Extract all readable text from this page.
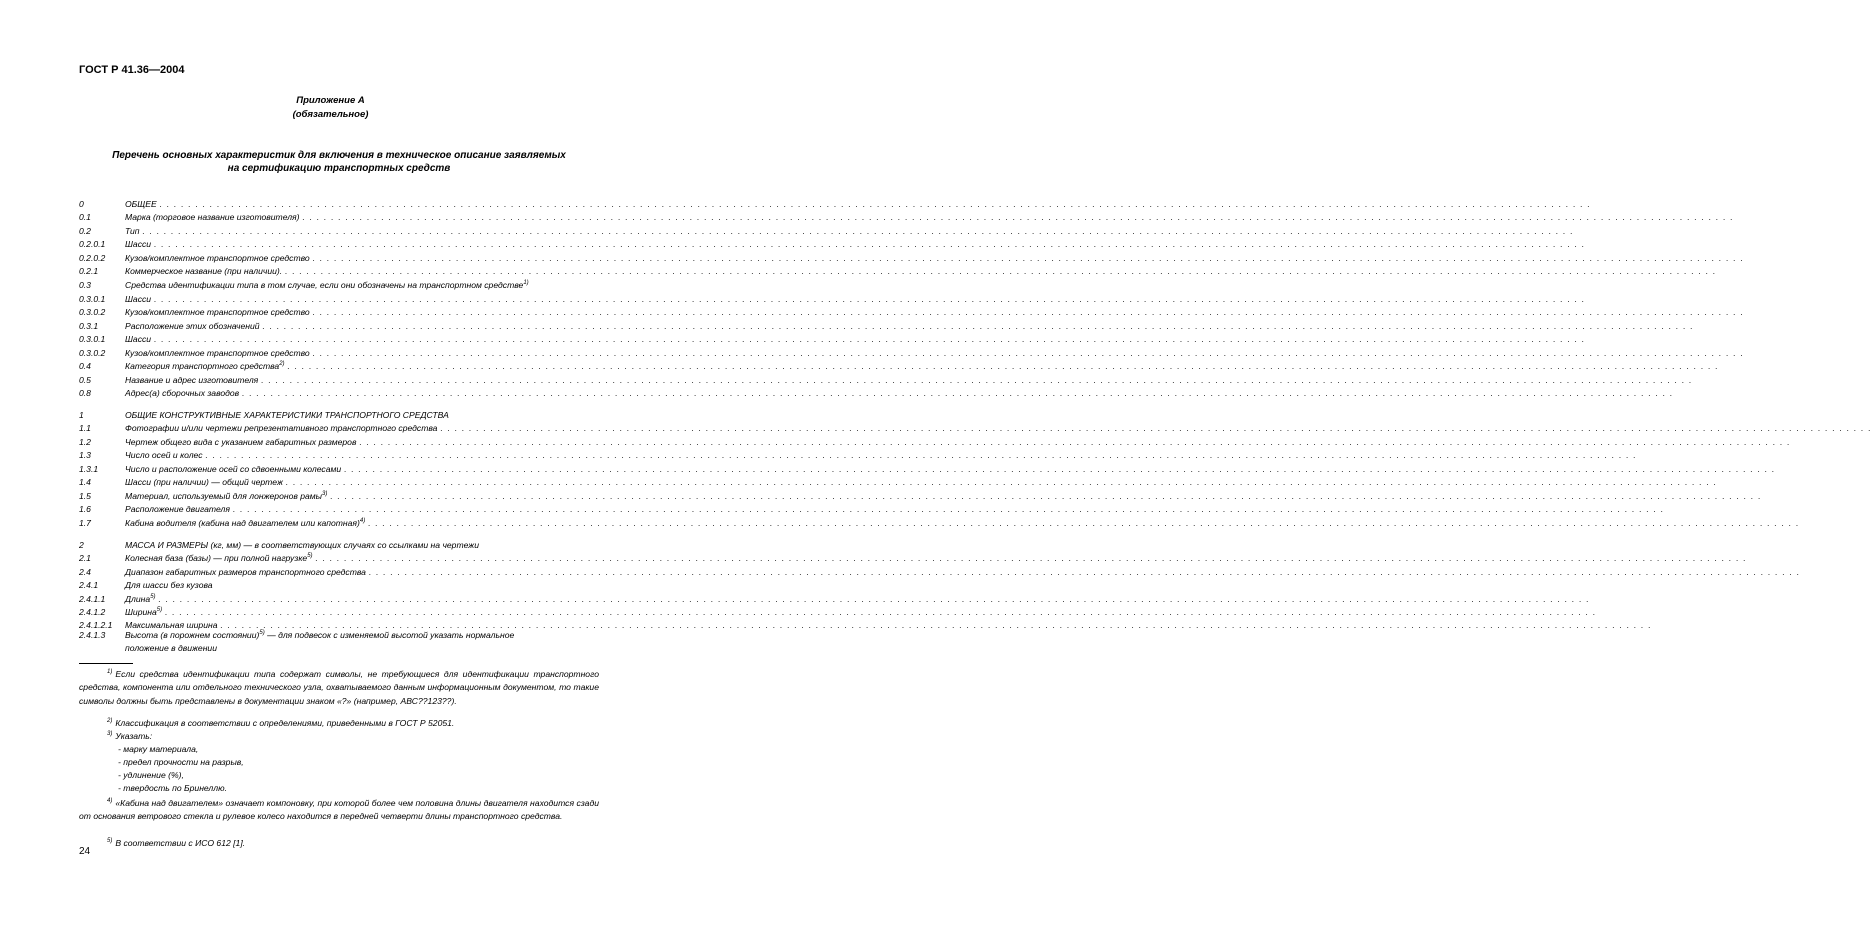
ГОСТ Р 41.36—2004
Приложение А
(обязательное)
Перечень основных характеристик для включения в техническое описание заявляемых
на сертификацию транспортных средств
0	ОБЩЕЕ . . . . . . . . . . . . . . . . . . . . . . . . . . . . . . . . . . . . . . . . . . . . . . . . . . . . . . . . . . . . . . . . . . . . . . . . . . . . . . . . . . . . . . . . . . . . . . . . . . . . . . . . . . . . . . . . . . . . . . . . . . . . . . . . . . . . . . . . . . . . . . . . . . . . . . . . . . . . . . . . . . . . . . . . . . . . . . . . . . . . . . . . . . . . . . . . . . . . . . . .
0.1	Марка (торговое название изготовителя) . . . . . . . . . . . . . . . . . . . . . . . . . . . . . . . . . . . . . . . . . . . . . . . . . . . . . . . . . . . . . . . . . . . . . . . . . . . . . . . . . . . . . . . . . . . . . . . . . . . . . . . . . . . . . . . . . . . . . . . . . . . . . . . . . . . . . . . . . . . . . . . . . . . . . . . . . . . . . . . . . . . . . . . . . . . . . . . . . . . . . . . . . . . . . . . . . . . . . . . .
0.2	Тип . . . . . . . . . . . . . . . . . . . . . . . . . . . . . . . . . . . . . . . . . . . . . . . . . . . . . . . . . . . . . . . . . . . . . . . . . . . . . . . . . . . . . . . . . . . . . . . . . . . . . . . . . . . . . . . . . . . . . . . . . . . . . . . . . . . . . . . . . . . . . . . . . . . . . . . . . . . . . . . . . . . . . . . . . . . . . . . . . . . . . . . . . . . . . . . . . . . . . . . .
0.2.0.1 Шасси . . . . . . . . . . . . . . . . . . . . . . . . . . . . . . . . . . . . . . . . . . . . . . . . . . . . . . . . . . . . . . . . . . . . . . . . . . . . . . . . . . . . . . . . . . . . . . . . . . . . . . . . . . . . . . . . . . . . . . . . . . . . . . . . . . . . . . . . . . . . . . . . . . . . . . . . . . . . . . . . . . . . . . . . . . . . . . . . . . . . . . . . . . . . . . . . . . . . . . . .
0.2.0.2 Кузов/комплектное транспортное средство . . . . . . . . . . . . . . . . . . . . . . . . . . . . . . . . . . . . . . . . . . . . . . . . . . . . . . . . . . . . . . . . . . . . . . . . . . . . . . . . . . . . . . . . . . . . . . . . . . . . . . . . . . . . . . . . . . . . . . . . . . . . . . . . . . . . . . . . . . . . . . . . . . . . . . . . . . . . . . . . . . . . . . . . . . . . . . . . . . . . . . . . . . . . . . . . . . . . . . . .
0.2.1	Коммерческое название (при наличии). . . . . . . . . . . . . . . . . . . . . . . . . . . . . . . . . . . . . . . . . . . . . . . . . . . . . . . . . . . . . . . . . . . . . . . . . . . . . . . . . . . . . . . . . . . . . . . . . . . . . . . . . . . . . . . . . . . . . . . . . . . . . . . . . . . . . . . . . . . . . . . . . . . . . . . . . . . . . . . . . . . . . . . . . . . . . . . . . . . . . . . . . . . . . . . . . . . . . . . . .
0.3	Средства идентификации типа в том случае, если они обозначены на транспортном средстве$^{1)}$
0.3.0.1 Шасси . . . . . . . . . . . . . . . . . . . . . . . . . . . . . . . . . . . . . . . . . . . . . . . . . . . . . . . . . . . . . . . . . . . . . . . . . . . . . . . . . . . . . . . . . . . . . . . . . . . . . . . . . . . . . . . . . . . . . . . . . . . . . . . . . . . . . . . . . . . . . . . . . . . . . . . . . . . . . . . . . . . . . . . . . . . . . . . . . . . . . . . . . . . . . . . . . . . . . . . .
0.3.0.2 Кузов/комплектное транспортное средство . . . . . . . . . . . . . . . . . . . . . . . . . . . . . . . . . . . . . . . . . . . . . . . . . . . . . . . . . . . . . . . . . . . . . . . . . . . . . . . . . . . . . . . . . . . . . . . . . . . . . . . . . . . . . . . . . . . . . . . . . . . . . . . . . . . . . . . . . . . . . . . . . . . . . . . . . . . . . . . . . . . . . . . . . . . . . . . . . . . . . . . . . . . . . . . . . . . . . . . .
0.3.1	Расположение этих обозначений . . . . . . . . . . . . . . . . . . . . . . . . . . . . . . . . . . . . . . . . . . . . . . . . . . . . . . . . . . . . . . . . . . . . . . . . . . . . . . . . . . . . . . . . . . . . . . . . . . . . . . . . . . . . . . . . . . . . . . . . . . . . . . . . . . . . . . . . . . . . . . . . . . . . . . . . . . . . . . . . . . . . . . . . . . . . . . . . . . . . . . . . . . . . . . . . . . . . . . . .
0.3.0.1 Шасси . . . . . . . . . . . . . . . . . . . . . . . . . . . . . . . . . . . . . . . . . . . . . . . . . . . . . . . . . . . . . . . . . . . . . . . . . . . . . . . . . . . . . . . . . . . . . . . . . . . . . . . . . . . . . . . . . . . . . . . . . . . . . . . . . . . . . . . . . . . . . . . . . . . . . . . . . . . . . . . . . . . . . . . . . . . . . . . . . . . . . . . . . . . . . . . . . . . . . . . .
0.3.0.2 Кузов/комплектное транспортное средство . . . . . . . . . . . . . . . . . . . . . . . . . . . . . . . . . . . . . . . . . . . . . . . . . . . . . . . . . . . . . . . . . . . . . . . . . . . . . . . . . . . . . . . . . . . . . . . . . . . . . . . . . . . . . . . . . . . . . . . . . . . . . . . . . . . . . . . . . . . . . . . . . . . . . . . . . . . . . . . . . . . . . . . . . . . . . . . . . . . . . . . . . . . . . . . . . . . . . . . .
0.4	Категория транспортного средства$^{2)}$ . . . . . . . . . . . . . . . . . . . . . . . . . . . . . . . . . . . . . . . . . . . . . . . . . . . . . . . . . . . . . . . . . . . . . . . . . . . . . . . . . . . . . . . . . . . . . . . . . . . . . . . . . . . . . . . . . . . . . . . . . . . . . . . . . . . . . . . . . . . . . . . . . . . . . . . . . . . . . . . . . . . . . . . . . . . . . . . . . . . . . . . . . . . . . . . . . . . . . . . .
0.5	Название и адрес изготовителя . . . . . . . . . . . . . . . . . . . . . . . . . . . . . . . . . . . . . . . . . . . . . . . . . . . . . . . . . . . . . . . . . . . . . . . . . . . . . . . . . . . . . . . . . . . . . . . . . . . . . . . . . . . . . . . . . . . . . . . . . . . . . . . . . . . . . . . . . . . . . . . . . . . . . . . . . . . . . . . . . . . . . . . . . . . . . . . . . . . . . . . . . . . . . . . . . . . . . . . .
0.8	Адрес(а) сборочных заводов . . . . . . . . . . . . . . . . . . . . . . . . . . . . . . . . . . . . . . . . . . . . . . . . . . . . . . . . . . . . . . . . . . . . . . . . . . . . . . . . . . . . . . . . . . . . . . . . . . . . . . . . . . . . . . . . . . . . . . . . . . . . . . . . . . . . . . . . . . . . . . . . . . . . . . . . . . . . . . . . . . . . . . . . . . . . . . . . . . . . . . . . . . . . . . . . . . . . . . . .
1	ОБЩИЕ КОНСТРУКТИВНЫЕ ХАРАКТЕРИСТИКИ ТРАНСПОРТНОГО СРЕДСТВА
1.1	Фотографии и/или чертежи репрезентативного транспортного средства . . . . . . . . . . . . . . . . . . . . . . . . . . . . . . . . . . . . . . . . . . . . . . . . . . . . . . . . . . . . . . . . . . . . . . . . . . . . . . . . . . . . . . . . . . . . . . . . . . . . . . . . . . . . . . . . . . . . . . . . . . . . . . . . . . . . . . . . . . . . . . . . . . . . . . . . . . . . . . . . . . . . . . . . . . . . . . . . . . . . . . . . . . . . . . . . . . . . . . . .
1.2	Чертеж общего вида с указанием габаритных размеров . . . . . . . . . . . . . . . . . . . . . . . . . . . . . . . . . . . . . . . . . . . . . . . . . . . . . . . . . . . . . . . . . . . . . . . . . . . . . . . . . . . . . . . . . . . . . . . . . . . . . . . . . . . . . . . . . . . . . . . . . . . . . . . . . . . . . . . . . . . . . . . . . . . . . . . . . . . . . . . . . . . . . . . . . . . . . . . . . . . . . . . . . . . . . . . . . . . . . . . .
1.3	Число осей и колес . . . . . . . . . . . . . . . . . . . . . . . . . . . . . . . . . . . . . . . . . . . . . . . . . . . . . . . . . . . . . . . . . . . . . . . . . . . . . . . . . . . . . . . . . . . . . . . . . . . . . . . . . . . . . . . . . . . . . . . . . . . . . . . . . . . . . . . . . . . . . . . . . . . . . . . . . . . . . . . . . . . . . . . . . . . . . . . . . . . . . . . . . . . . . . . . . . . . . . . .
1.3.1	Число и расположение осей со сдвоенными колесами . . . . . . . . . . . . . . . . . . . . . . . . . . . . . . . . . . . . . . . . . . . . . . . . . . . . . . . . . . . . . . . . . . . . . . . . . . . . . . . . . . . . . . . . . . . . . . . . . . . . . . . . . . . . . . . . . . . . . . . . . . . . . . . . . . . . . . . . . . . . . . . . . . . . . . . . . . . . . . . . . . . . . . . . . . . . . . . . . . . . . . . . . . . . . . . . . . . . . . . .
1.4	Шасси (при наличии) — общий чертеж . . . . . . . . . . . . . . . . . . . . . . . . . . . . . . . . . . . . . . . . . . . . . . . . . . . . . . . . . . . . . . . . . . . . . . . . . . . . . . . . . . . . . . . . . . . . . . . . . . . . . . . . . . . . . . . . . . . . . . . . . . . . . . . . . . . . . . . . . . . . . . . . . . . . . . . . . . . . . . . . . . . . . . . . . . . . . . . . . . . . . . . . . . . . . . . . . . . . . . . .
1.5	Материал, используемый для лонжеронов рамы$^{3)}$ . . . . . . . . . . . . . . . . . . . . . . . . . . . . . . . . . . . . . . . . . . . . . . . . . . . . . . . . . . . . . . . . . . . . . . . . . . . . . . . . . . . . . . . . . . . . . . . . . . . . . . . . . . . . . . . . . . . . . . . . . . . . . . . . . . . . . . . . . . . . . . . . . . . . . . . . . . . . . . . . . . . . . . . . . . . . . . . . . . . . . . . . . . . . . . . . . . . . . . . .
1.6	Расположение двигателя . . . . . . . . . . . . . . . . . . . . . . . . . . . . . . . . . . . . . . . . . . . . . . . . . . . . . . . . . . . . . . . . . . . . . . . . . . . . . . . . . . . . . . . . . . . . . . . . . . . . . . . . . . . . . . . . . . . . . . . . . . . . . . . . . . . . . . . . . . . . . . . . . . . . . . . . . . . . . . . . . . . . . . . . . . . . . . . . . . . . . . . . . . . . . . . . . . . . . . . .
1.7	Кабина водителя (кабина над двигателем или капотная)$^{4)}$ . . . . . . . . . . . . . . . . . . . . . . . . . . . . . . . . . . . . . . . . . . . . . . . . . . . . . . . . . . . . . . . . . . . . . . . . . . . . . . . . . . . . . . . . . . . . . . . . . . . . . . . . . . . . . . . . . . . . . . . . . . . . . . . . . . . . . . . . . . . . . . . . . . . . . . . . . . . . . . . . . . . . . . . . . . . . . . . . . . . . . . . . . . . . . . . . . . . . . . . .
2	МАССА И РАЗМЕРЫ (кг, мм) — в соответствующих случаях со ссылками на чертежи
2.1	Колесная база (базы) — при полной нагрузке$^{5)}$ . . . . . . . . . . . . . . . . . . . . . . . . . . . . . . . . . . . . . . . . . . . . . . . . . . . . . . . . . . . . . . . . . . . . . . . . . . . . . . . . . . . . . . . . . . . . . . . . . . . . . . . . . . . . . . . . . . . . . . . . . . . . . . . . . . . . . . . . . . . . . . . . . . . . . . . . . . . . . . . . . . . . . . . . . . . . . . . . . . . . . . . . . . . . . . . . . . . . . . . .
2.4	Диапазон габаритных размеров транспортного средства . . . . . . . . . . . . . . . . . . . . . . . . . . . . . . . . . . . . . . . . . . . . . . . . . . . . . . . . . . . . . . . . . . . . . . . . . . . . . . . . . . . . . . . . . . . . . . . . . . . . . . . . . . . . . . . . . . . . . . . . . . . . . . . . . . . . . . . . . . . . . . . . . . . . . . . . . . . . . . . . . . . . . . . . . . . . . . . . . . . . . . . . . . . . . . . . . . . . . . . .
2.4.1	Для шасси без кузова
2.4.1.1 Длина$^{5)}$ . . . . . . . . . . . . . . . . . . . . . . . . . . . . . . . . . . . . . . . . . . . . . . . . . . . . . . . . . . . . . . . . . . . . . . . . . . . . . . . . . . . . . . . . . . . . . . . . . . . . . . . . . . . . . . . . . . . . . . . . . . . . . . . . . . . . . . . . . . . . . . . . . . . . . . . . . . . . . . . . . . . . . . . . . . . . . . . . . . . . . . . . . . . . . . . . . . . . . . . .
2.4.1.2 Ширина$^{5)}$ . . . . . . . . . . . . . . . . . . . . . . . . . . . . . . . . . . . . . . . . . . . . . . . . . . . . . . . . . . . . . . . . . . . . . . . . . . . . . . . . . . . . . . . . . . . . . . . . . . . . . . . . . . . . . . . . . . . . . . . . . . . . . . . . . . . . . . . . . . . . . . . . . . . . . . . . . . . . . . . . . . . . . . . . . . . . . . . . . . . . . . . . . . . . . . . . . . . . . . . .
2.4.1.2.1 Максимальная ширина . . . . . . . . . . . . . . . . . . . . . . . . . . . . . . . . . . . . . . . . . . . . . . . . . . . . . . . . . . . . . . . . . . . . . . . . . . . . . . . . . . . . . . . . . . . . . . . . . . . . . . . . . . . . . . . . . . . . . . . . . . . . . . . . . . . . . . . . . . . . . . . . . . . . . . . . . . . . . . . . . . . . . . . . . . . . . . . . . . . . . . . . . . . . . . . . . . . . . . . .
2.4.1.3 Высота (в порожнем состоянии)$^{5)}$ — для подвесок с изменяемой высотой указать нормальное
положение в движении
$^{1)}$ Если средства идентификации типа содержат символы, не требующиеся для идентификации транспортного средства, компонента или отдельного технического узла, охватываемого данным информационным документом, то такие символы должны быть представлены в документации знаком «?» (например, АВС??123??).
$^{2)}$ Классификация в соответствии с определениями, приведенными в ГОСТ Р 52051.
$^{3)}$ Указать:
- марку материала,
- предел прочности на разрыв,
- удлинение (%),
- твердость по Бринеллю.
$^{4)}$ «Кабина над двигателем» означает компоновку, при которой более чем половина длины двигателя находится сзади от основания ветрового стекла и рулевое колесо находится в передней четверти длины транспортного средства.
$^{5)}$ В соответствии с ИСО 612 [1].
24
